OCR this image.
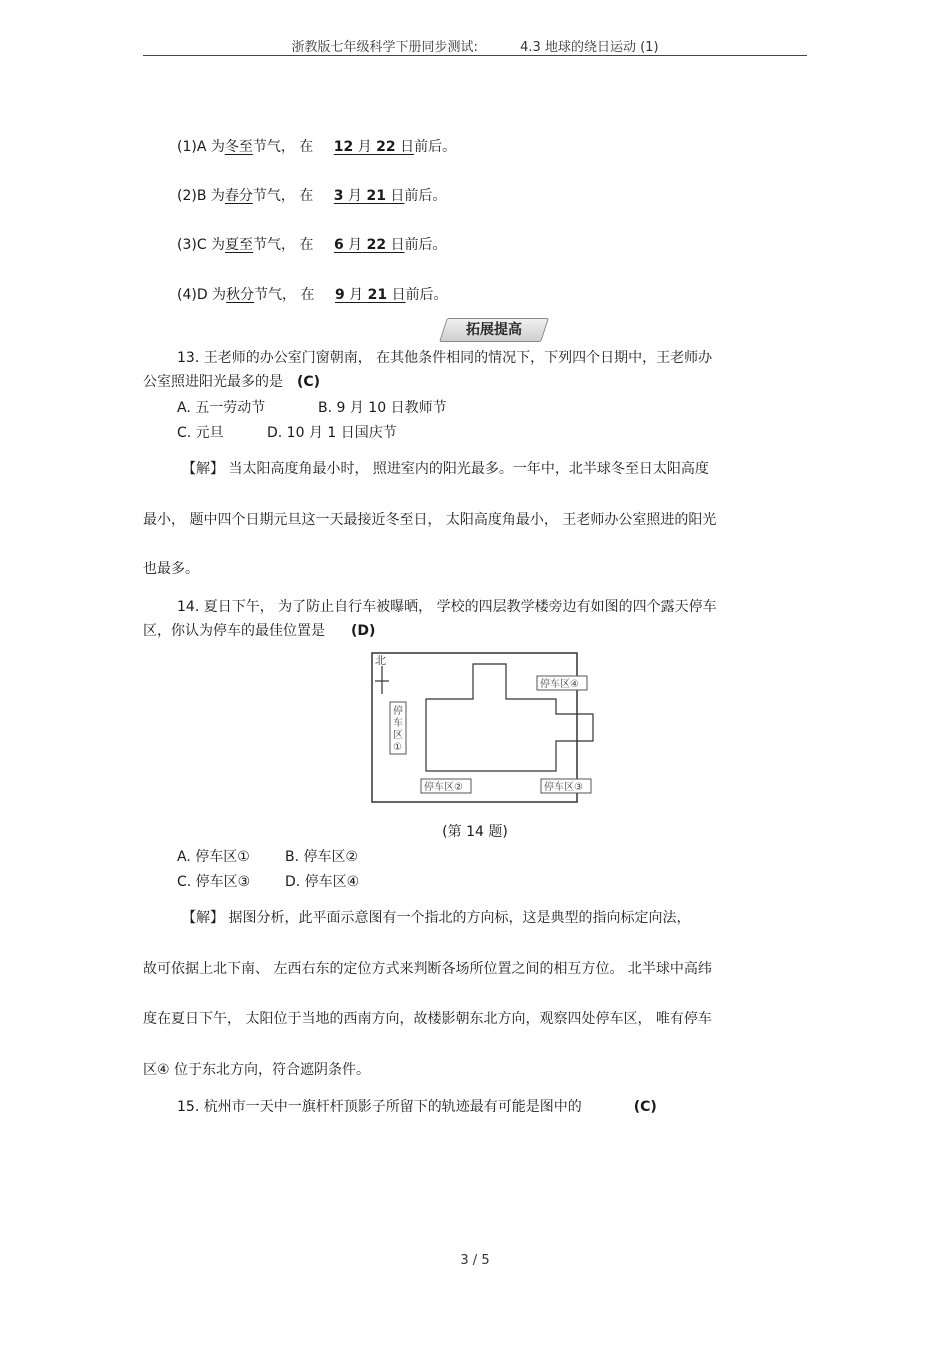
浙教版七年级科学下册同步测试:	4.3 地球的绕日运动 (1)
(1)A 为冬至节气， 在 12 月 22 日前后。
(2)B 为春分节气， 在 3 月 21 日前后。
(3)C 为夏至节气， 在 6 月 22 日前后。
(4)D 为秋分节气， 在 9 月 21 日前后。
拓展提高
13. 王老师的办公室门窗朝南， 在其他条件相同的情况下，下列四个日期中，王老师办
公室照进阳光最多的是 (C)
A. 五一劳动节	B. 9 月 10 日教师节
C. 元旦	D. 10 月 1 日国庆节
【解】 当太阳高度角最小时， 照进室内的阳光最多。一年中，北半球冬至日太阳高度
最小， 题中四个日期元旦这一天最接近冬至日， 太阳高度角最小， 王老师办公室照进的阳光
也最多。
14. 夏日下午， 为了防止自行车被曝晒， 学校的四层教学楼旁边有如图的四个露天停车
区，你认为停车的最佳位置是 (D)
北
停 车 区 ①
停车区④
停车区②	停车区③
(第 14 题)
A. 停车区①	B. 停车区②
C. 停车区③ D. 停车区④
【解】 据图分析，此平面示意图有一个指北的方向标，这是典型的指向标定向法，
故可依据上北下南、 左西右东的定位方式来判断各场所位置之间的相互方位。 北半球中高纬
度在夏日下午， 太阳位于当地的西南方向，故楼影朝东北方向，观察四处停车区， 唯有停车
区④ 位于东北方向，符合遮阴条件。
15. 杭州市一天中一旗杆杆顶影子所留下的轨迹最有可能是图中的	(C)
3 / 5
